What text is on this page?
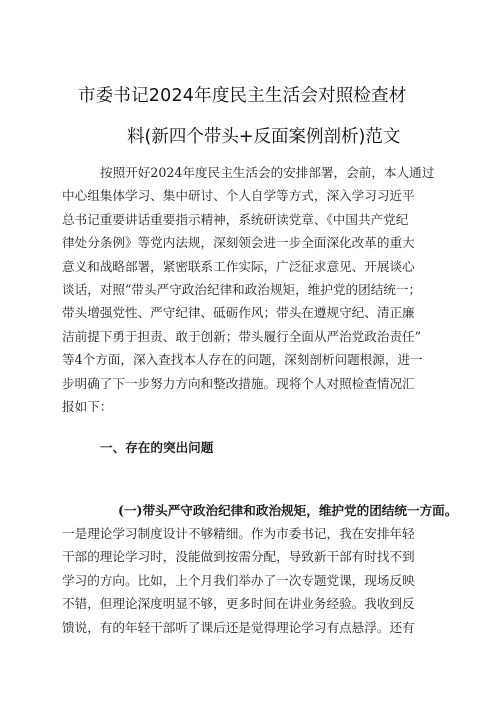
市委书记2024年度民主生活会对照检查材
料(新四个带头+反面案例剖析)范文
按照开好2024年度民主生活会的安排部署，会前，本人通过
中心组集体学习、集中研讨、个人自学等方式，深入学习习近平
总书记重要讲话重要指示精神，系统研读党章、《中国共产党纪
律处分条例》等党内法规，深刻领会进一步全面深化改革的重大
意义和战略部署，紧密联系工作实际，广泛征求意见、开展谈心
谈话，对照“带头严守政治纪律和政治规矩，维护党的团结统一；
带头增强党性、严守纪律、砥砺作风；带头在遵规守纪、清正廉
洁前提下勇于担责、敢于创新；带头履行全面从严治党政治责任”
等4个方面，深入查找本人存在的问题，深刻剖析问题根源，进一
步明确了下一步努力方向和整改措施。现将个人对照检查情况汇
报如下：
一、存在的突出问题
(一)带头严守政治纪律和政治规矩，维护党的团结统一方面。
一是理论学习制度设计不够精细。作为市委书记，我在安排年轻
干部的理论学习时，没能做到按需分配，导致新干部有时找不到
学习的方向。比如，上个月我们举办了一次专题党课，现场反映
不错，但理论深度明显不够，更多时间在讲业务经验。我收到反
馈说，有的年轻干部听了课后还是觉得理论学习有点悬浮。还有
